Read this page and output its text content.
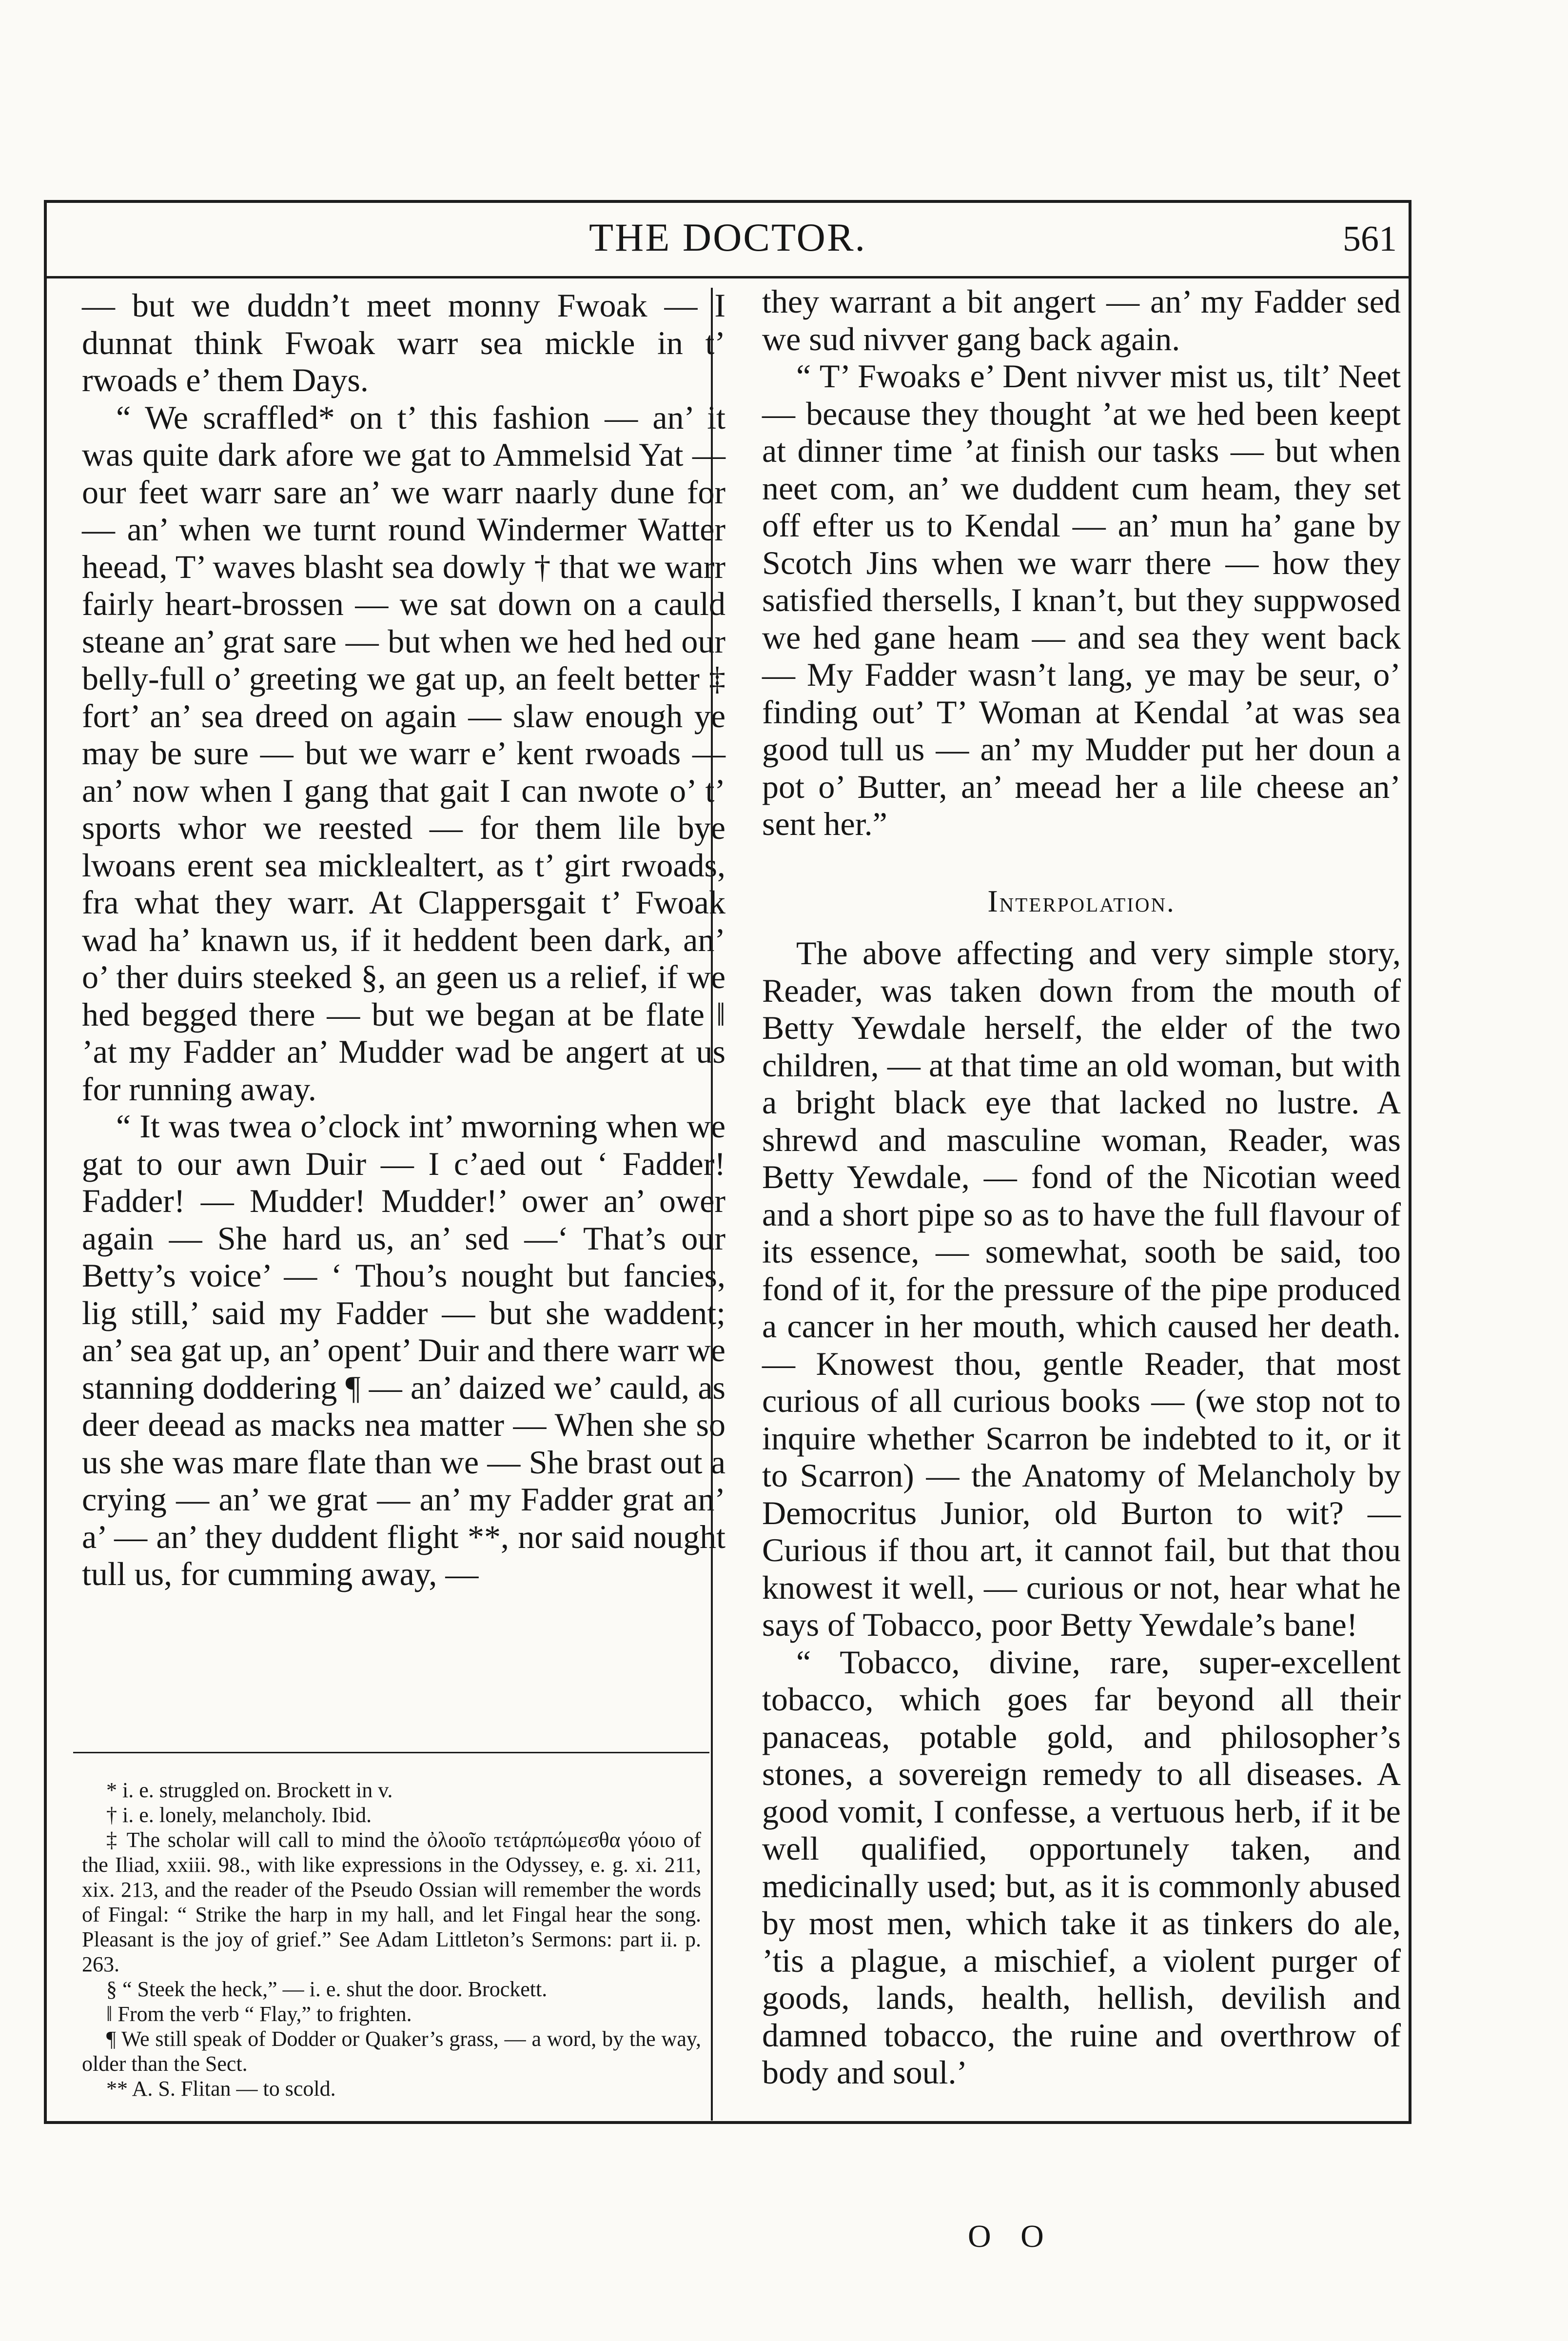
THE DOCTOR.	561

— but we duddn’t meet monny Fwoak — I dunnat think Fwoak warr sea mickle in t’ rwoads e’ them Days.

“ We scraffled* on t’ this fashion — an’ it was quite dark afore we gat to Ammelsid Yat — our feet warr sare an’ we warr naarly dune for — an’ when we turnt round Windermer Watter heead, T’ waves blasht sea dowly † that we warr fairly heart-brossen — we sat down on a cauld steane an’ grat sare — but when we hed hed our belly-full o’ greeting we gat up, an feelt better ‡ fort’ an’ sea dreed on again — slaw enough ye may be sure — but we warr e’ kent rwoads — an’ now when I gang that gait I can nwote o’ t’ sports whor we reested — for them lile bye lwoans erent sea micklealtert, as t’ girt rwoads, fra what they warr. At Clappersgait t’ Fwoak wad ha’ knawn us, if it heddent been dark, an’ o’ ther duirs steeked §, an geen us a relief, if we hed begged there — but we began at be flate ‖ ’at my Fadder an’ Mudder wad be angert at us for running away.

“ It was twea o’clock int’ mworning when we gat to our awn Duir — I c’aed out ‘ Fadder! Fadder! — Mudder! Mudder!’ ower an’ ower again — She hard us, an’ sed —‘ That’s our Betty’s voice’ — ‘ Thou’s nought but fancies, lig still,’ said my Fadder — but she waddent; an’ sea gat up, an’ opent’ Duir and there warr we stanning doddering ¶ — an’ daized we’ cauld, as deer deead as macks nea matter — When she so us she was mare flate than we — She brast out a crying — an’ we grat — an’ my Fadder grat an’ a’ — an’ they duddent flight **, nor said nought tull us, for cumming away, —

* i. e. struggled on. Brockett in v.

† i. e. lonely, melancholy. Ibid.

‡ The scholar will call to mind the ὀλοοῖο τετάρπώμεσθα γόοιο of the Iliad, xxiii. 98., with like expressions in the Odyssey, e. g. xi. 211, xix. 213, and the reader of the Pseudo Ossian will remember the words of Fingal: “ Strike the harp in my hall, and let Fingal hear the song. Pleasant is the joy of grief.” See Adam Littleton’s Sermons: part ii. p. 263.

§ “ Steek the heck,” — i. e. shut the door. Brockett.

‖ From the verb “ Flay,” to frighten.

¶ We still speak of Dodder or Quaker’s grass, — a word, by the way, older than the Sect.

** A. S. Flitan — to scold.

they warrant a bit angert — an’ my Fadder sed we sud nivver gang back again.

“ T’ Fwoaks e’ Dent nivver mist us, tilt’ Neet — because they thought ’at we hed been keept at dinner time ’at finish our tasks — but when neet com, an’ we duddent cum heam, they set off efter us to Kendal — an’ mun ha’ gane by Scotch Jins when we warr there — how they satisfied thersells, I knan’t, but they suppwosed we hed gane heam — and sea they went back — My Fadder wasn’t lang, ye may be seur, o’ finding out’ T’ Woman at Kendal ’at was sea good tull us — an’ my Mudder put her doun a pot o’ Butter, an’ meead her a lile cheese an’ sent her.”

Interpolation.

The above affecting and very simple story, Reader, was taken down from the mouth of Betty Yewdale herself, the elder of the two children, — at that time an old woman, but with a bright black eye that lacked no lustre. A shrewd and masculine woman, Reader, was Betty Yewdale, — fond of the Nicotian weed and a short pipe so as to have the full flavour of its essence, — somewhat, sooth be said, too fond of it, for the pressure of the pipe produced a cancer in her mouth, which caused her death. — Knowest thou, gentle Reader, that most curious of all curious books — (we stop not to inquire whether Scarron be indebted to it, or it to Scarron) — the Anatomy of Melancholy by Democritus Junior, old Burton to wit? — Curious if thou art, it cannot fail, but that thou knowest it well, — curious or not, hear what he says of Tobacco, poor Betty Yewdale’s bane!

“ Tobacco, divine, rare, super-excellent tobacco, which goes far beyond all their panaceas, potable gold, and philosopher’s stones, a sovereign remedy to all diseases. A good vomit, I confesse, a vertuous herb, if it be well qualified, opportunely taken, and medicinally used; but, as it is commonly abused by most men, which take it as tinkers do ale, ’tis a plague, a mischief, a violent purger of goods, lands, health, hellish, devilish and damned tobacco, the ruine and overthrow of body and soul.’

O O
